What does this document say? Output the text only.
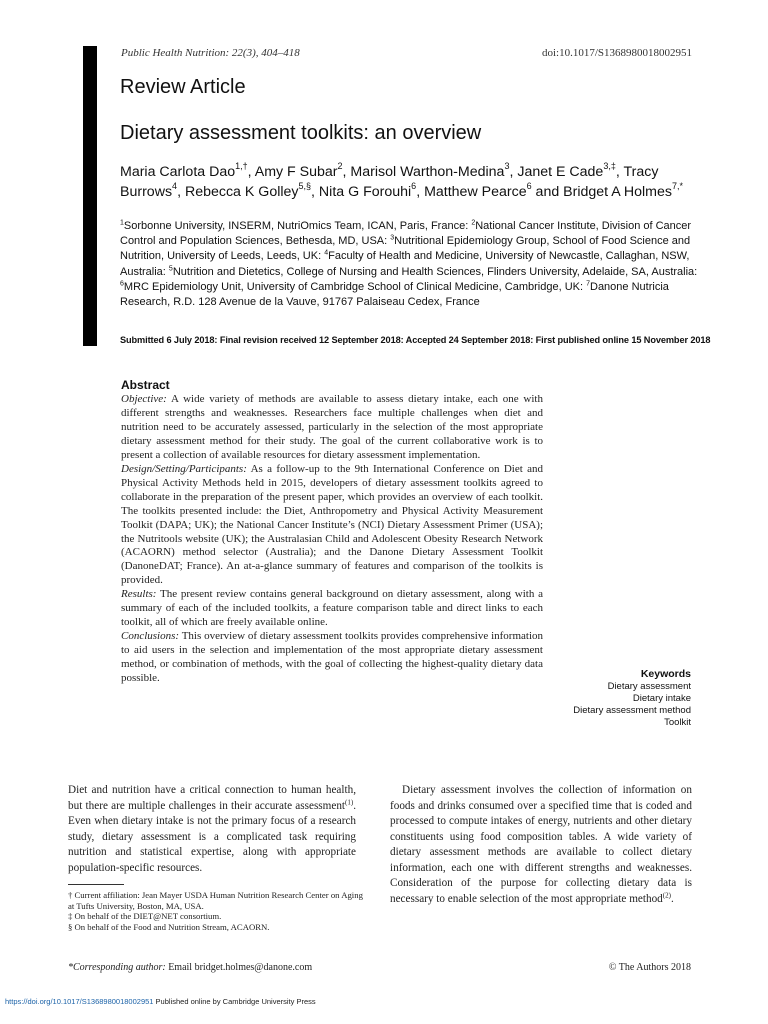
Public Health Nutrition: 22(3), 404–418	doi:10.1017/S1368980018002951
Review Article
Dietary assessment toolkits: an overview
Maria Carlota Dao$^{1,\dagger}$, Amy F Subar$^2$, Marisol Warthon-Medina$^3$, Janet E Cade$^{3,\ddagger}$, Tracy Burrows$^4$, Rebecca K Golley$^{5,\S}$, Nita G Forouhi$^6$, Matthew Pearce$^6$ and Bridget A Holmes$^{7,*}$
$^1$Sorbonne University, INSERM, NutriOmics Team, ICAN, Paris, France: $^2$National Cancer Institute, Division of Cancer Control and Population Sciences, Bethesda, MD, USA: $^3$Nutritional Epidemiology Group, School of Food Science and Nutrition, University of Leeds, Leeds, UK: $^4$Faculty of Health and Medicine, University of Newcastle, Callaghan, NSW, Australia: $^5$Nutrition and Dietetics, College of Nursing and Health Sciences, Flinders University, Adelaide, SA, Australia: $^6$MRC Epidemiology Unit, University of Cambridge School of Clinical Medicine, Cambridge, UK: $^7$Danone Nutricia Research, R.D. 128 Avenue de la Vauve, 91767 Palaiseau Cedex, France
Submitted 6 July 2018: Final revision received 12 September 2018: Accepted 24 September 2018: First published online 15 November 2018
Abstract

Objective: A wide variety of methods are available to assess dietary intake, each one with different strengths and weaknesses. Researchers face multiple challenges when diet and nutrition need to be accurately assessed, particularly in the selection of the most appropriate dietary assessment method for their study. The goal of the current collaborative work is to present a collection of available resources for dietary assessment implementation.

Design/Setting/Participants: As a follow-up to the 9th International Conference on Diet and Physical Activity Methods held in 2015, developers of dietary assessment toolkits agreed to collaborate in the preparation of the present paper, which provides an overview of each toolkit. The toolkits presented include: the Diet, Anthropometry and Physical Activity Measurement Toolkit (DAPA; UK); the National Cancer Institute’s (NCI) Dietary Assessment Primer (USA); the Nutritools website (UK); the Australasian Child and Adolescent Obesity Research Network (ACAORN) method selector (Australia); and the Danone Dietary Assessment Toolkit (DanoneDAT; France). An at-a-glance summary of features and comparison of the toolkits is provided.

Results: The present review contains general background on dietary assessment, along with a summary of each of the included toolkits, a feature comparison table and direct links to each toolkit, all of which are freely available online.

Conclusions: This overview of dietary assessment toolkits provides comprehensive information to aid users in the selection and implementation of the most appropriate dietary assessment method, or combination of methods, with the goal of collecting the highest-quality dietary data possible.	Keywords
Dietary assessment
Dietary intake
Dietary assessment method
Toolkit

Diet and nutrition have a critical connection to human health, but there are multiple challenges in their accurate assessment$^{(1)}$. Even when dietary intake is not the primary focus of a research study, dietary assessment is a complicated task requiring nutrition and statistical expertise, along with appropriate population-specific resources.

† Current affiliation: Jean Mayer USDA Human Nutrition Research Center on Aging at Tufts University, Boston, MA, USA.
‡ On behalf of the DIET@NET consortium.
§ On behalf of the Food and Nutrition Stream, ACAORN.

Dietary assessment involves the collection of information on foods and drinks consumed over a specified time that is coded and processed to compute intakes of energy, nutrients and other dietary constituents using food composition tables. A wide variety of dietary assessment methods are available to collect dietary information, each one with different strengths and weaknesses. Consideration of the purpose for collecting dietary data is necessary to enable selection of the most appropriate method$^{(2)}$.

*Corresponding author: Email bridget.holmes@danone.com	© The Authors 2018
https://doi.org/10.1017/S1368980018002951 Published online by Cambridge University Press
